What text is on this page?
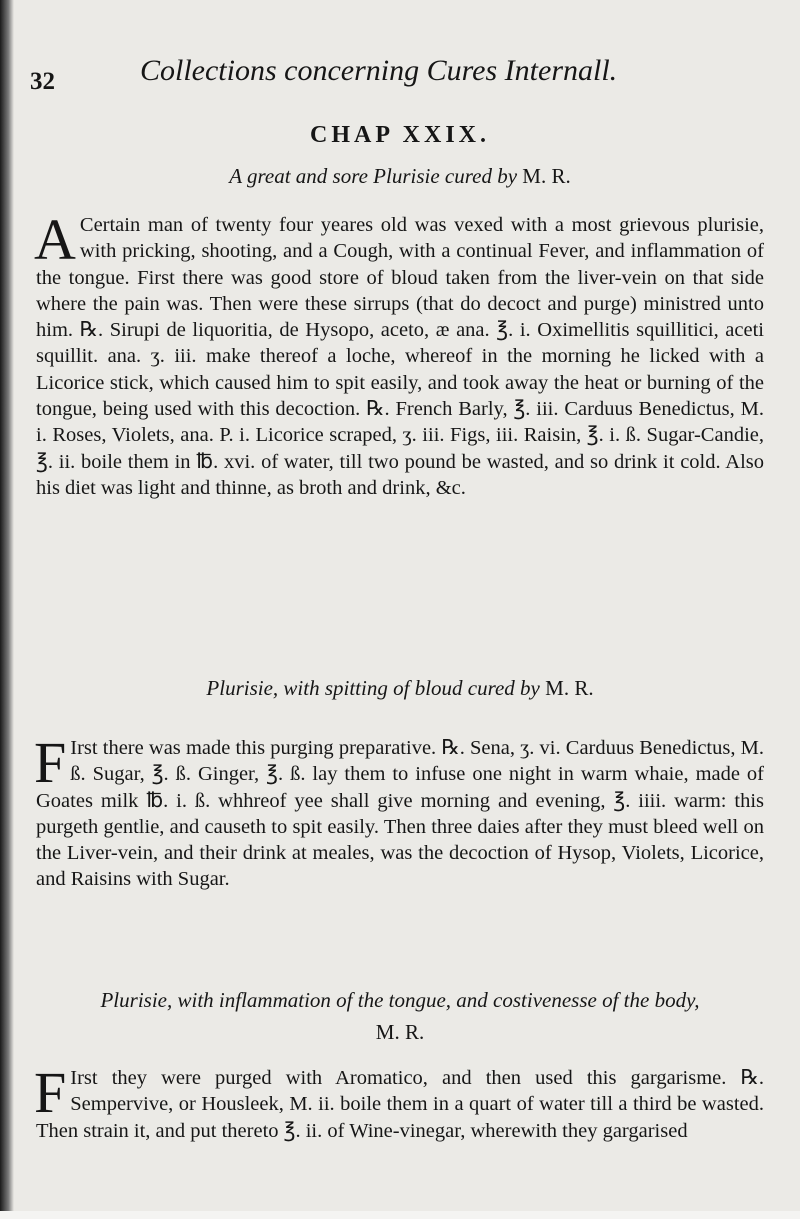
32	Collections concerning Cures Internall.
CHAP XXIX.
A great and sore Plurisie cured by M. R.
A Certain man of twenty four yeares old was vexed with a most grievous plurisie, with pricking, shooting, and a Cough, with a continual Fever, and inflammation of the tongue. First there was good store of bloud taken from the liver-vein on that side where the pain was. Then were these sirrups (that do decoct and purge) ministred unto him. ℞. Sirupi de liquoritia, de Hysopo, aceto, æ ana. ℥. i. Oximellitis squillitici, aceti squillit. ana. ʒ. iii. make thereof a loche, whereof in the morning he licked with a Licorice stick, which caused him to spit easily, and took away the heat or burning of the tongue, being used with this decoction. ℞. French Barly, ℥. iii. Carduus Benedictus, M. i. Roses, Violets, ana. P. i. Licorice scraped, ʒ. iii. Figs, iii. Raisin, ℥. i. ß. Sugar-Candie, ℥. ii. boile them in ℔. xvi. of water, till two pound be wasted, and so drink it cold. Also his diet was light and thinne, as broth and drink, &c.
Plurisie, with spitting of bloud cured by M. R.
F Irst there was made this purging preparative. ℞. Sena, ʒ. vi. Carduus Benedictus, M. ß. Sugar, ℥. ß. Ginger, ℥. ß. lay them to infuse one night in warm whaie, made of Goates milk ℔. i. ß. whhreof yee shall give morning and evening, ℥. iiii. warm: this purgeth gentlie, and causeth to spit easily. Then three daies after they must bleed well on the Liver-vein, and their drink at meales, was the decoction of Hysop, Violets, Licorice, and Raisins with Sugar.
Plurisie, with inflammation of the tongue, and costivenesse of the body, M. R.
F Irst they were purged with Aromatico, and then used this gargarisme. ℞. Sempervive, or Housleek, M. ii. boile them in a quart of water till a third be wasted. Then strain it, and put thereto ℥. ii. of Wine-vinegar, wherewith they gargarised
